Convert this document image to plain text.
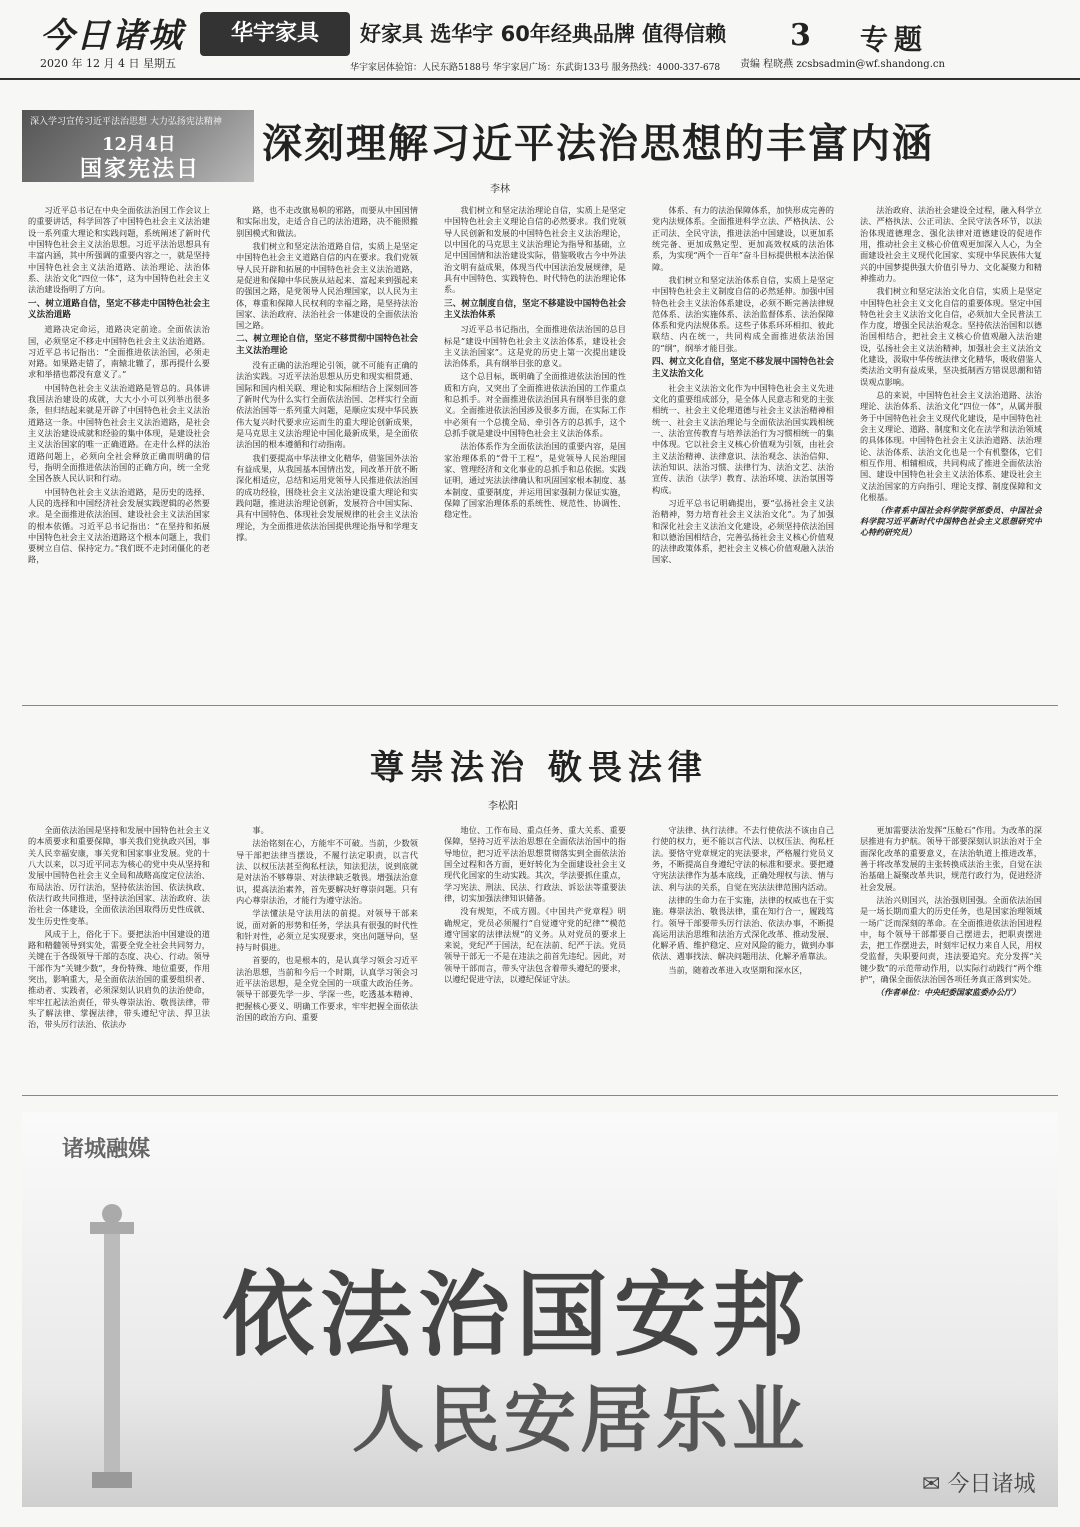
今日诸城
2020 年 12 月 4 日 星期五
华宇家具	好家具 选华宇 60年经典品牌 值得信赖
华宇家居体验馆：人民东路5188号 华宇家居广场：东武街133号 服务热线：4000-337-678
3 专题
责编 程晓燕 zcsbsadmin@wf.shandong.cn
深入学习宣传习近平法治思想 大力弘扬宪法精神
12月4日
国家宪法日
深刻理解习近平法治思想的丰富内涵
李林

习近平总书记在中央全面依法治国工作会议上的重要讲话，科学回答了中国特色社会主义法治建设一系列重大理论和实践问题，系统阐述了新时代中国特色社会主义法治思想。习近平法治思想具有丰富内涵，其中所强调的重要内容之一，就是坚持中国特色社会主义法治道路、法治理论、法治体系、法治文化“四位一体”，这为中国特色社会主义法治建设指明了方向。

一、树立道路自信，坚定不移走中国特色社会主义法治道路

道路决定命运，道路决定前途。全面依法治国，必须坚定不移走中国特色社会主义法治道路。习近平总书记指出：“全面推进依法治国，必须走对路。如果路走错了，南辕北辙了，那再提什么要求和举措也都没有意义了。”

中国特色社会主义法治道路是管总的。具体讲我国法治建设的成就，大大小小可以列举出很多条，但归结起来就是开辟了中国特色社会主义法治道路这一条。中国特色社会主义法治道路，是社会主义法治建设成就和经验的集中体现，是建设社会主义法治国家的唯一正确道路。在走什么样的法治道路问题上，必须向全社会释放正确而明确的信号，指明全面推进依法治国的正确方向，统一全党全国各族人民认识和行动。

中国特色社会主义法治道路，是历史的选择、人民的选择和中国经济社会发展实践逻辑的必然要求。是全面推进依法治国、建设社会主义法治国家的根本依循。习近平总书记指出：“在坚持和拓展中国特色社会主义法治道路这个根本问题上，我们要树立自信、保持定力。”我们既不走封闭僵化的老路，

路，也不走改旗易帜的邪路，而要从中国国情和实际出发，走适合自己的法治道路，决不能照搬别国模式和做法。

我们树立和坚定法治道路自信，实质上是坚定中国特色社会主义道路自信的内在要求。我们党领导人民开辟和拓展的中国特色社会主义法治道路，是促进和保障中华民族从站起来、富起来到强起来的强国之路，是党领导人民治理国家，以人民为主体，尊重和保障人民权利的幸福之路，是坚持法治国家、法治政府、法治社会一体建设的全面依法治国之路。

二、树立理论自信，坚定不移贯彻中国特色社会主义法治理论

没有正确的法治理论引领，就不可能有正确的法治实践。习近平法治思想从历史和现实相贯通、国际和国内相关联、理论和实际相结合上深刻回答了新时代为什么实行全面依法治国、怎样实行全面依法治国等一系列重大问题，是顺应实现中华民族伟大复兴时代要求应运而生的重大理论创新成果，是马克思主义法治理论中国化最新成果，是全面依法治国的根本遵循和行动指南。

我们要提高中华法律文化精华，借鉴国外法治有益成果，从我国基本国情出发，同改革开放不断深化相适应，总结和运用党领导人民推进依法治国的成功经验，围绕社会主义法治建设重大理论和实践问题，推进法治理论创新，发展符合中国实际、具有中国特色、体现社会发展规律的社会主义法治理论，为全面推进依法治国提供理论指导和学理支撑。

我们树立和坚定法治理论自信，实质上是坚定中国特色社会主义理论自信的必然要求。我们党领导人民创新和发展的中国特色社会主义法治理论，以中国化的马克思主义法治理论为指导和基础，立足中国国情和法治建设实际，借鉴吸收古今中外法治文明有益成果，体现当代中国法治发展规律，是具有中国特色、实践特色、时代特色的法治理论体系。

三、树立制度自信，坚定不移建设中国特色社会主义法治体系

习近平总书记指出，全面推进依法治国的总目标是“建设中国特色社会主义法治体系，建设社会主义法治国家”。这是党的历史上第一次提出建设法治体系，具有纲举目张的意义。

这个总目标，既明确了全面推进依法治国的性质和方向，又突出了全面推进依法治国的工作重点和总抓手。对全面推进依法治国具有纲举目张的意义。全面推进依法治国涉及很多方面，在实际工作中必须有一个总揽全局、牵引各方的总抓手，这个总抓手就是建设中国特色社会主义法治体系。

法治体系作为全面依法治国的重要内容，是国家治理体系的“骨干工程”，是党领导人民治理国家、管理经济和文化事业的总抓手和总依据。实践证明，通过宪法法律确认和巩固国家根本制度、基本制度、重要制度，并运用国家强制力保证实施，保障了国家治理体系的系统性、规范性、协调性、稳定性。

体系、有力的法治保障体系，加快形成完善的党内法规体系。全面推进科学立法、严格执法、公正司法、全民守法，推进法治中国建设，以更加系统完备、更加成熟定型、更加高效权威的法治体系，为实现“两个一百年”奋斗目标提供根本法治保障。

我们树立和坚定法治体系自信，实质上是坚定中国特色社会主义制度自信的必然延伸。加强中国特色社会主义法治体系建设，必须不断完善法律规范体系、法治实施体系、法治监督体系、法治保障体系和党内法规体系。这些子体系环环相扣、彼此联结、内在统一，共同构成全面推进依法治国的“纲”，纲举才能目张。

四、树立文化自信，坚定不移发展中国特色社会主义法治文化

社会主义法治文化作为中国特色社会主义先进文化的重要组成部分，是全体人民意志和党的主张相统一、社会主义伦理道德与社会主义法治精神相统一、社会主义法治理论与全面依法治国实践相统一、法治宣传教育与培养法治行为习惯相统一的集中体现。它以社会主义核心价值观为引领，由社会主义法治精神、法律意识、法治观念、法治信仰、法治知识、法治习惯、法律行为、法治文艺、法治宣传、法治（法学）教育、法治环境、法治氛围等构成。

习近平总书记明确提出，要“弘扬社会主义法治精神，努力培育社会主义法治文化”。为了加强和深化社会主义法治文化建设，必须坚持依法治国和以德治国相结合，完善弘扬社会主义核心价值观的法律政策体系，把社会主义核心价值观融入法治国家、

法治政府、法治社会建设全过程，融入科学立法、严格执法、公正司法、全民守法各环节，以法治体现道德理念、强化法律对道德建设的促进作用，推动社会主义核心价值观更加深入人心，为全面建设社会主义现代化国家、实现中华民族伟大复兴的中国梦提供强大价值引导力、文化凝聚力和精神推动力。

我们树立和坚定法治文化自信，实质上是坚定中国特色社会主义文化自信的重要体现。坚定中国特色社会主义法治文化自信，必须加大全民普法工作力度，增强全民法治观念。坚持依法治国和以德治国相结合，把社会主义核心价值观融入法治建设，弘扬社会主义法治精神，加强社会主义法治文化建设，汲取中华传统法律文化精华，吸收借鉴人类法治文明有益成果，坚决抵制西方错误思潮和错误观点影响。

总的来说，中国特色社会主义法治道路、法治理论、法治体系、法治文化“四位一体”，从属并服务于中国特色社会主义现代化建设，是中国特色社会主义理论、道路、制度和文化在法学和法治领域的具体体现。中国特色社会主义法治道路、法治理论、法治体系、法治文化也是一个有机整体，它们相互作用、相辅相成，共同构成了推进全面依法治国、建设中国特色社会主义法治体系、建设社会主义法治国家的方向指引、理论支撑、制度保障和文化根基。

（作者系中国社会科学院学部委员、中国社会科学院习近平新时代中国特色社会主义思想研究中心特约研究员）

尊崇法治 敬畏法律
李松阳

全面依法治国是坚持和发展中国特色社会主义的本质要求和重要保障，事关我们党执政兴国，事关人民幸福安康，事关党和国家事业发展。党的十八大以来，以习近平同志为核心的党中央从坚持和发展中国特色社会主义全局和战略高度定位法治、布局法治、厉行法治，坚持依法治国、依法执政、依法行政共同推进，坚持法治国家、法治政府、法治社会一体建设，全面依法治国取得历史性成就、发生历史性变革。

风成于上，俗化于下。要把法治中国建设的道路和精髓领导到实处，需要全党全社会共同努力，关键在于各级领导干部的态度、决心、行动。领导干部作为“关键少数”，身份特殊、地位重要，作用突出，影响重大，是全面依法治国的重要组织者、推动者、实践者，必须深刻认识肩负的法治使命，牢牢扛起法治责任，带头尊崇法治、敬畏法律，带头了解法律、掌握法律，带头遵纪守法、捍卫法治，带头厉行法治、依法办

事。

法治铭刻在心，方能牢不可破。当前，少数领导干部把法律当摆设，不履行法定职责，以言代法、以权压法甚至徇私枉法，知法犯法，说到底就是对法治不够尊崇、对法律缺乏敬畏。增强法治意识，提高法治素养，首先要解决好尊崇问题。只有内心尊崇法治，才能行为遵守法治。

学法懂法是守法用法的前提。对领导干部来说，面对新的形势和任务，学法具有很强的时代性和针对性，必须立足实现要求，突出问题导向，坚持与时俱进。

首要的，也是根本的，是认真学习领会习近平法治思想，当前和今后一个时期，认真学习领会习近平法治思想，是全党全国的一项重大政治任务。领导干部要先学一步、学深一些，吃透基本精神、把握核心要义、明确工作要求，牢牢把握全面依法治国的政治方向、重要

地位、工作布局、重点任务、重大关系、重要保障，坚持习近平法治思想在全面依法治国中的指导地位，把习近平法治思想贯彻落实到全面依法治国全过程和各方面，更好转化为全面建设社会主义现代化国家的生动实践。其次，学法要抓住重点，学习宪法、刑法、民法、行政法、诉讼法等重要法律，切实加强法律知识储备。

没有规矩，不成方圆。《中国共产党章程》明确规定，党员必须履行“自觉遵守党的纪律”“模范遵守国家的法律法规”的义务。从对党员的要求上来说，党纪严于国法，纪在法前、纪严于法。党员领导干部无一不是在违法之前首先违纪。因此，对领导干部而言，带头守法包含着带头遵纪的要求，以遵纪促进守法，以遵纪保证守法。

守法律、执行法律。不去行使依法不该由自己行使的权力，更不能以言代法、以权压法、徇私枉法。要恪守党章规定的宪法要求，严格履行党员义务，不断提高自身遵纪守法的标准和要求。要把遵守宪法法律作为基本底线，正确处理权与法、情与法、利与法的关系，自觉在宪法法律范围内活动。

法律的生命力在于实施，法律的权威也在于实施。尊崇法治、敬畏法律，重在知行合一，履践笃行。领导干部要带头厉行法治、依法办事，不断提高运用法治思维和法治方式深化改革、推动发展、化解矛盾、维护稳定、应对风险的能力，做到办事依法、遇事找法、解决问题用法、化解矛盾靠法。

当前，随着改革进入攻坚期和深水区，

更加需要法治发挥“压舱石”作用。为改革的深层推进有力护航。领导干部要深刻认识法治对于全面深化改革的重要意义，在法治轨道上推进改革，善于将改革发展的主张转换成法治主张，自觉在法治基础上凝聚改革共识，规范行政行为，促进经济社会发展。

法治兴则国兴，法治强则国强。全面依法治国是一场长期而重大的历史任务，也是国家治理领域一场广泛而深刻的革命。在全面推进依法治国进程中，每个领导干部都要自己摆进去，把职责摆进去，把工作摆进去，时刻牢记权力来自人民，用权受监督，失职要问责，违法要追究。充分发挥“关键少数”的示范带动作用，以实际行动践行“两个维护”，确保全面依法治国各项任务真正落到实处。

（作者单位：中央纪委国家监委办公厅）

诸城融媒
依法治国安邦
人民安居乐业
✉ 今日诸城
